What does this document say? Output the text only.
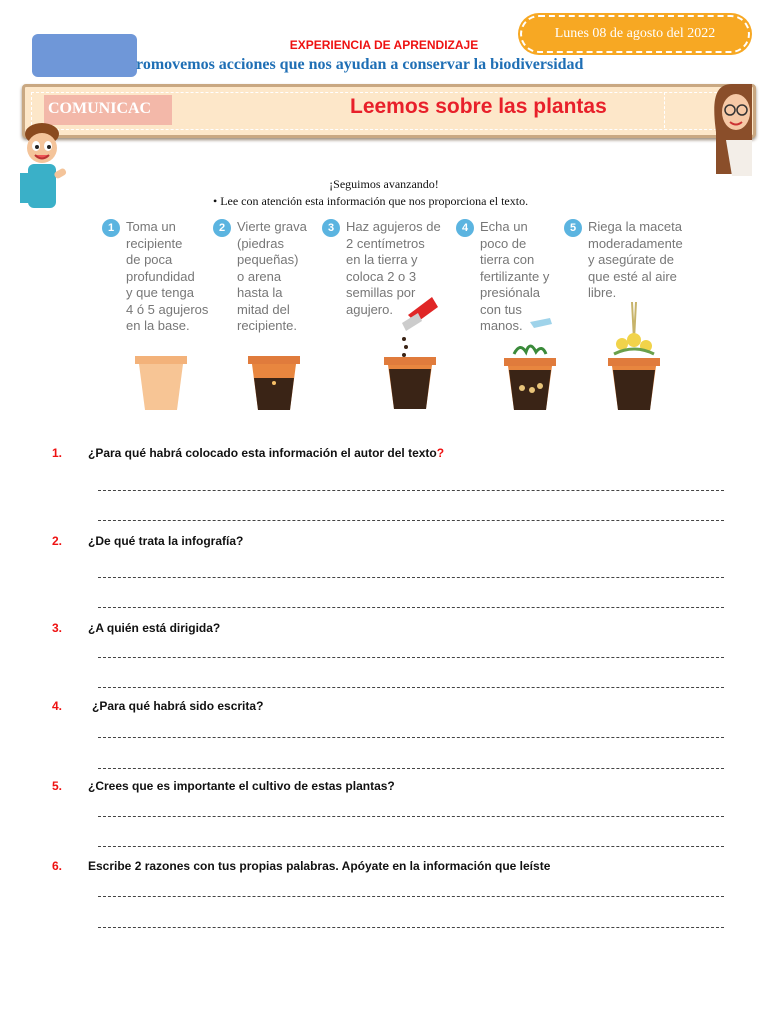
EXPERIENCIA DE APRENDIZAJE
Lunes 08 de agosto del 2022
romovemos acciones que nos ayudan a conservar la biodiversidad
COMUNICAC	Leemos sobre las plantas
¡Seguimos avanzando!
• Lee con atención esta información que nos proporciona el texto.
1 Toma un
recipiente
de poca
profundidad
y que tenga
4 ó 5 agujeros
en la base.
2 Vierte grava
(piedras
pequeñas)
o arena
hasta la
mitad del
recipiente.
3 Haz agujeros de
2 centímetros
en la tierra y
coloca 2 o 3
semillas por
agujero.
4 Echa un
poco de
tierra con
fertilizante y
presiónala
con tus
manos.
5 Riega la maceta
moderadamente
y asegúrate de
que esté al aire
libre.
1. ¿Para qué habrá colocado esta información el autor del texto?
2. ¿De qué trata la infografía?
3. ¿A quién está dirigida?
4. ¿Para qué habrá sido escrita?
5. ¿Crees que es importante el cultivo de estas plantas?
6. Escribe 2 razones con tus propias palabras. Apóyate en la información que leíste
